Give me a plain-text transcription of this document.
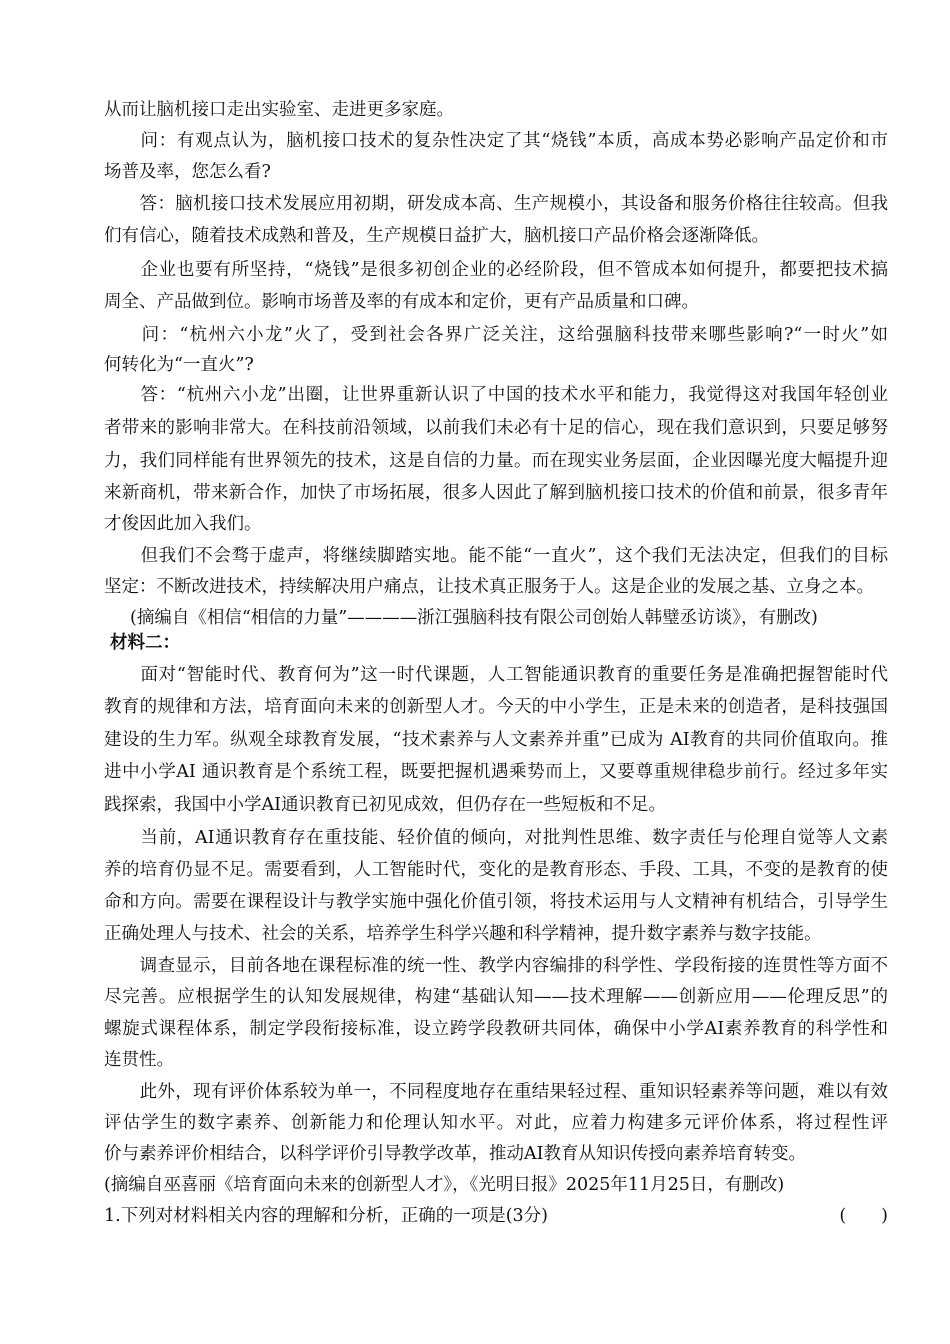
从而让脑机接口走出实验室、走进更多家庭。
　　问：有观点认为，脑机接口技术的复杂性决定了其“烧钱”本质，高成本势必影响产品定价和市
场普及率，您怎么看?
　　答：脑机接口技术发展应用初期，研发成本高、生产规模小，其设备和服务价格往往较高。但我
们有信心，随着技术成熟和普及，生产规模日益扩大，脑机接口产品价格会逐渐降低。
　　企业也要有所坚持，“烧钱”是很多初创企业的必经阶段，但不管成本如何提升，都要把技术搞
周全、产品做到位。影响市场普及率的有成本和定价，更有产品质量和口碑。
　　问：“杭州六小龙”火了，受到社会各界广泛关注，这给强脑科技带来哪些影响?“一时火”如
何转化为“一直火”?
　　答：“杭州六小龙”出圈，让世界重新认识了中国的技术水平和能力，我觉得这对我国年轻创业
者带来的影响非常大。在科技前沿领域，以前我们未必有十足的信心，现在我们意识到，只要足够努
力，我们同样能有世界领先的技术，这是自信的力量。而在现实业务层面，企业因曝光度大幅提升迎
来新商机，带来新合作，加快了市场拓展，很多人因此了解到脑机接口技术的价值和前景，很多青年
才俊因此加入我们。
　　但我们不会骛于虚声，将继续脚踏实地。能不能“一直火”，这个我们无法决定，但我们的目标
坚定：不断改进技术，持续解决用户痛点，让技术真正服务于人。这是企业的发展之基、立身之本。
(摘编自《相信“相信的力量”————浙江强脑科技有限公司创始人韩璧丞访谈》，有删改)
材料二：
　　面对“智能时代、教育何为”这一时代课题，人工智能通识教育的重要任务是准确把握智能时代
教育的规律和方法，培育面向未来的创新型人才。今天的中小学生，正是未来的创造者，是科技强国
建设的生力军。纵观全球教育发展，“技术素养与人文素养并重”已成为 AI教育的共同价值取向。推
进中小学AI 通识教育是个系统工程，既要把握机遇乘势而上，又要尊重规律稳步前行。经过多年实
践探索，我国中小学AI通识教育已初见成效，但仍存在一些短板和不足。
　　当前，AI通识教育存在重技能、轻价值的倾向，对批判性思维、数字责任与伦理自觉等人文素
养的培育仍显不足。需要看到，人工智能时代，变化的是教育形态、手段、工具，不变的是教育的使
命和方向。需要在课程设计与教学实施中强化价值引领，将技术运用与人文精神有机结合，引导学生
正确处理人与技术、社会的关系，培养学生科学兴趣和科学精神，提升数字素养与数字技能。
　　调查显示，目前各地在课程标准的统一性、教学内容编排的科学性、学段衔接的连贯性等方面不
尽完善。应根据学生的认知发展规律，构建“基础认知——技术理解——创新应用——伦理反思”的
螺旋式课程体系，制定学段衔接标准，设立跨学段教研共同体，确保中小学AI素养教育的科学性和
连贯性。
　　此外，现有评价体系较为单一，不同程度地存在重结果轻过程、重知识轻素养等问题，难以有效
评估学生的数字素养、创新能力和伦理认知水平。对此，应着力构建多元评价体系，将过程性评
价与素养评价相结合，以科学评价引导教学改革，推动AI教育从知识传授向素养培育转变。
(摘编自巫喜丽《培育面向未来的创新型人才》，《光明日报》2025年11月25日，有删改)
1.下列对材料相关内容的理解和分析，正确的一项是(3分)	(　　)
